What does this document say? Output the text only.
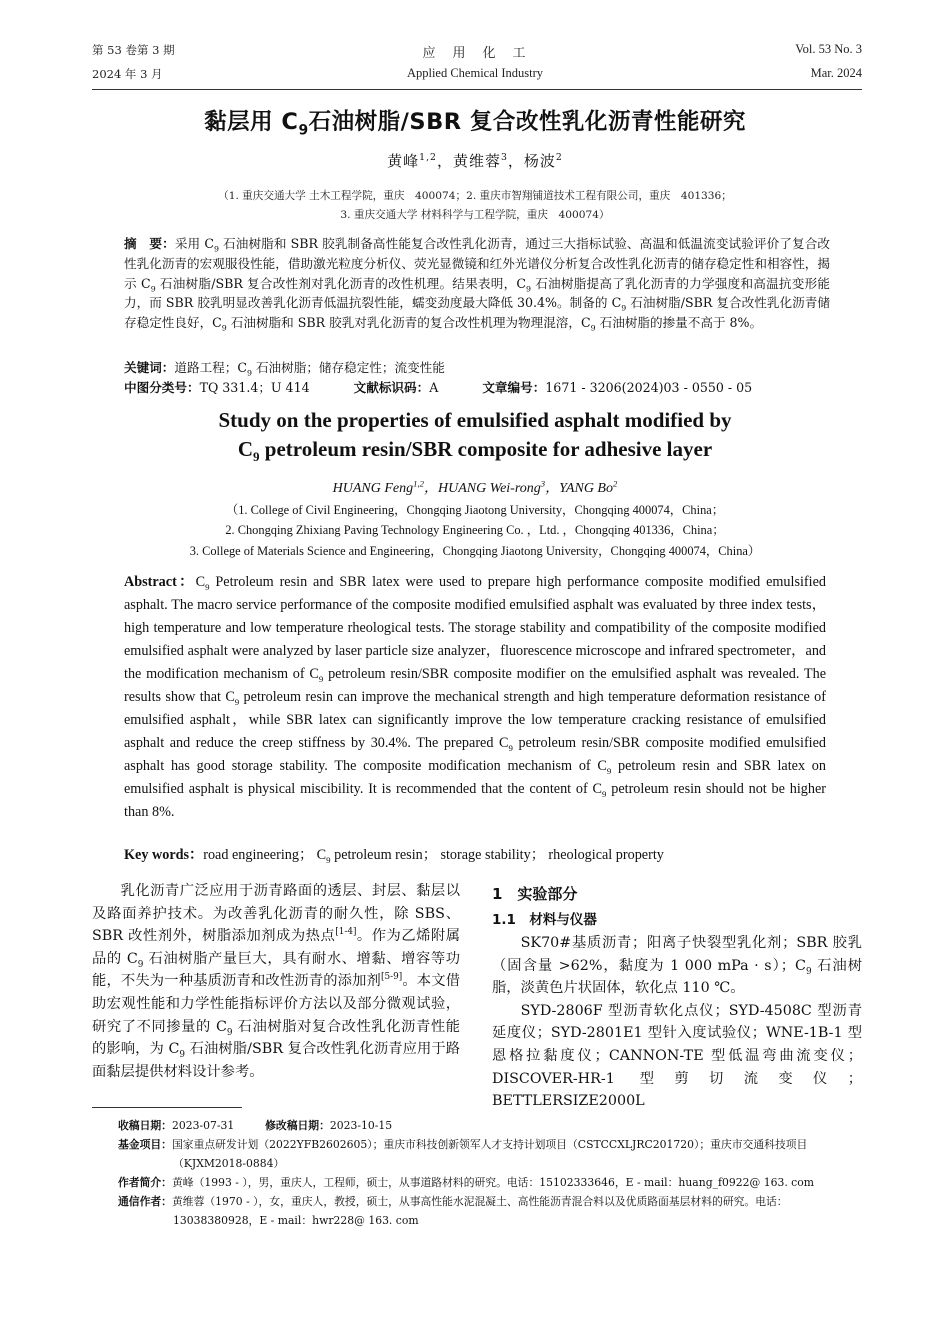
第 53 卷第 3 期
2024 年 3 月
应　用　化　工
Applied Chemical Industry
Vol. 53 No. 3
Mar. 2024
黏层用 $C_9$石油树脂/SBR 复合改性乳化沥青性能研究
黄峰$^{1,2}$，黄维蓉$^3$，杨波$^2$
（1. 重庆交通大学 土木工程学院，重庆　400074；2. 重庆市智翔铺道技术工程有限公司，重庆　401336；
3. 重庆交通大学 材料科学与工程学院，重庆　400074）
摘　要：采用 $C_9$ 石油树脂和 SBR 胶乳制备高性能复合改性乳化沥青，通过三大指标试验、高温和低温流变试验评价了复合改性乳化沥青的宏观服役性能，借助激光粒度分析仪、荧光显微镜和红外光谱仪分析复合改性乳化沥青的储存稳定性和相容性，揭示 $C_9$ 石油树脂/SBR 复合改性剂对乳化沥青的改性机理。结果表明，$C_9$ 石油树脂提高了乳化沥青的力学强度和高温抗变形能力，而 SBR 胶乳明显改善乳化沥青低温抗裂性能，蠕变劲度最大降低 30.4%。制备的 $C_9$ 石油树脂/SBR 复合改性乳化沥青储存稳定性良好，$C_9$ 石油树脂和 SBR 胶乳对乳化沥青的复合改性机理为物理混溶，$C_9$ 石油树脂的掺量不高于 8%。
关键词：道路工程；$C_9$ 石油树脂；储存稳定性；流变性能
中图分类号：TQ 331.4；U 414	文献标识码：A	文章编号：1671 - 3206(2024)03 - 0550 - 05
Study on the properties of emulsified asphalt modified by
$C_9$ petroleum resin/SBR composite for adhesive layer
HUANG Feng$^{1,2}$，HUANG Wei-rong$^3$，YANG Bo$^2$
（1. College of Civil Engineering，Chongqing Jiaotong University，Chongqing 400074，China；
2. Chongqing Zhixiang Paving Technology Engineering Co. ，Ltd. ，Chongqing 401336，China；
3. College of Materials Science and Engineering，Chongqing Jiaotong University，Chongqing 400074，China）
Abstract：$C_9$ Petroleum resin and SBR latex were used to prepare high performance composite modified emulsified asphalt. The macro service performance of the composite modified emulsified asphalt was evaluated by three index tests，high temperature and low temperature rheological tests. The storage stability and compatibility of the composite modified emulsified asphalt were analyzed by laser particle size analyzer，fluorescence microscope and infrared spectrometer，and the modification mechanism of $C_9$ petroleum resin/SBR composite modifier on the emulsified asphalt was revealed. The results show that $C_9$ petroleum resin can improve the mechanical strength and high temperature deformation resistance of emulsified asphalt，while SBR latex can significantly improve the low temperature cracking resistance of emulsified asphalt and reduce the creep stiffness by 30.4%. The prepared $C_9$ petroleum resin/SBR composite modified emulsified asphalt has good storage stability. The composite modification mechanism of $C_9$ petroleum resin and SBR latex on emulsified asphalt is physical miscibility. It is recommended that the content of $C_9$ petroleum resin should not be higher than 8%.
Key words：road engineering； $C_9$ petroleum resin； storage stability； rheological property

乳化沥青广泛应用于沥青路面的透层、封层、黏层以及路面养护技术。为改善乳化沥青的耐久性，除 SBS、SBR 改性剂外，树脂添加剂成为热点[1-4]。作为乙烯附属品的 $C_9$ 石油树脂产量巨大，具有耐水、增黏、增容等功能，不失为一种基质沥青和改性沥青的添加剂[5-9]。本文借助宏观性能和力学性能指标评价方法以及部分微观试验，研究了不同掺量的 $C_9$ 石油树脂对复合改性乳化沥青性能的影响，为 $C_9$ 石油树脂/SBR 复合改性乳化沥青应用于路面黏层提供材料设计参考。

1　实验部分
1.1　材料与仪器

SK70#基质沥青；阳离子快裂型乳化剂；SBR 胶乳（固含量 >62%，黏度为 1 000 mPa · s）；$C_9$ 石油树脂，淡黄色片状固体，软化点 110 ℃。

SYD-2806F 型沥青软化点仪；SYD-4508C 型沥青延度仪；SYD-2801E1 型针入度试验仪；WNE-1B-1 型恩格拉黏度仪；CANNON-TE 型低温弯曲流变仪；DISCOVER-HR-1 型剪切流变仪；BETTLERSIZE2000L

收稿日期：2023-07-31	修改稿日期：2023-10-15
基金项目：国家重点研发计划（2022YFB2602605）；重庆市科技创新领军人才支持计划项目（CSTCCXLJRC201720）；重庆市交通科技项目
（KJXM2018-0884）
作者简介：黄峰（1993 - ），男，重庆人，工程师，硕士，从事道路材料的研究。电话：15102333646，E - mail：huang_f0922@ 163. com
通信作者：黄维蓉（1970 - ），女，重庆人，教授，硕士，从事高性能水泥混凝土、高性能沥青混合料以及优质路面基层材料的研究。电话：
13038380928，E - mail：hwr228@ 163. com
